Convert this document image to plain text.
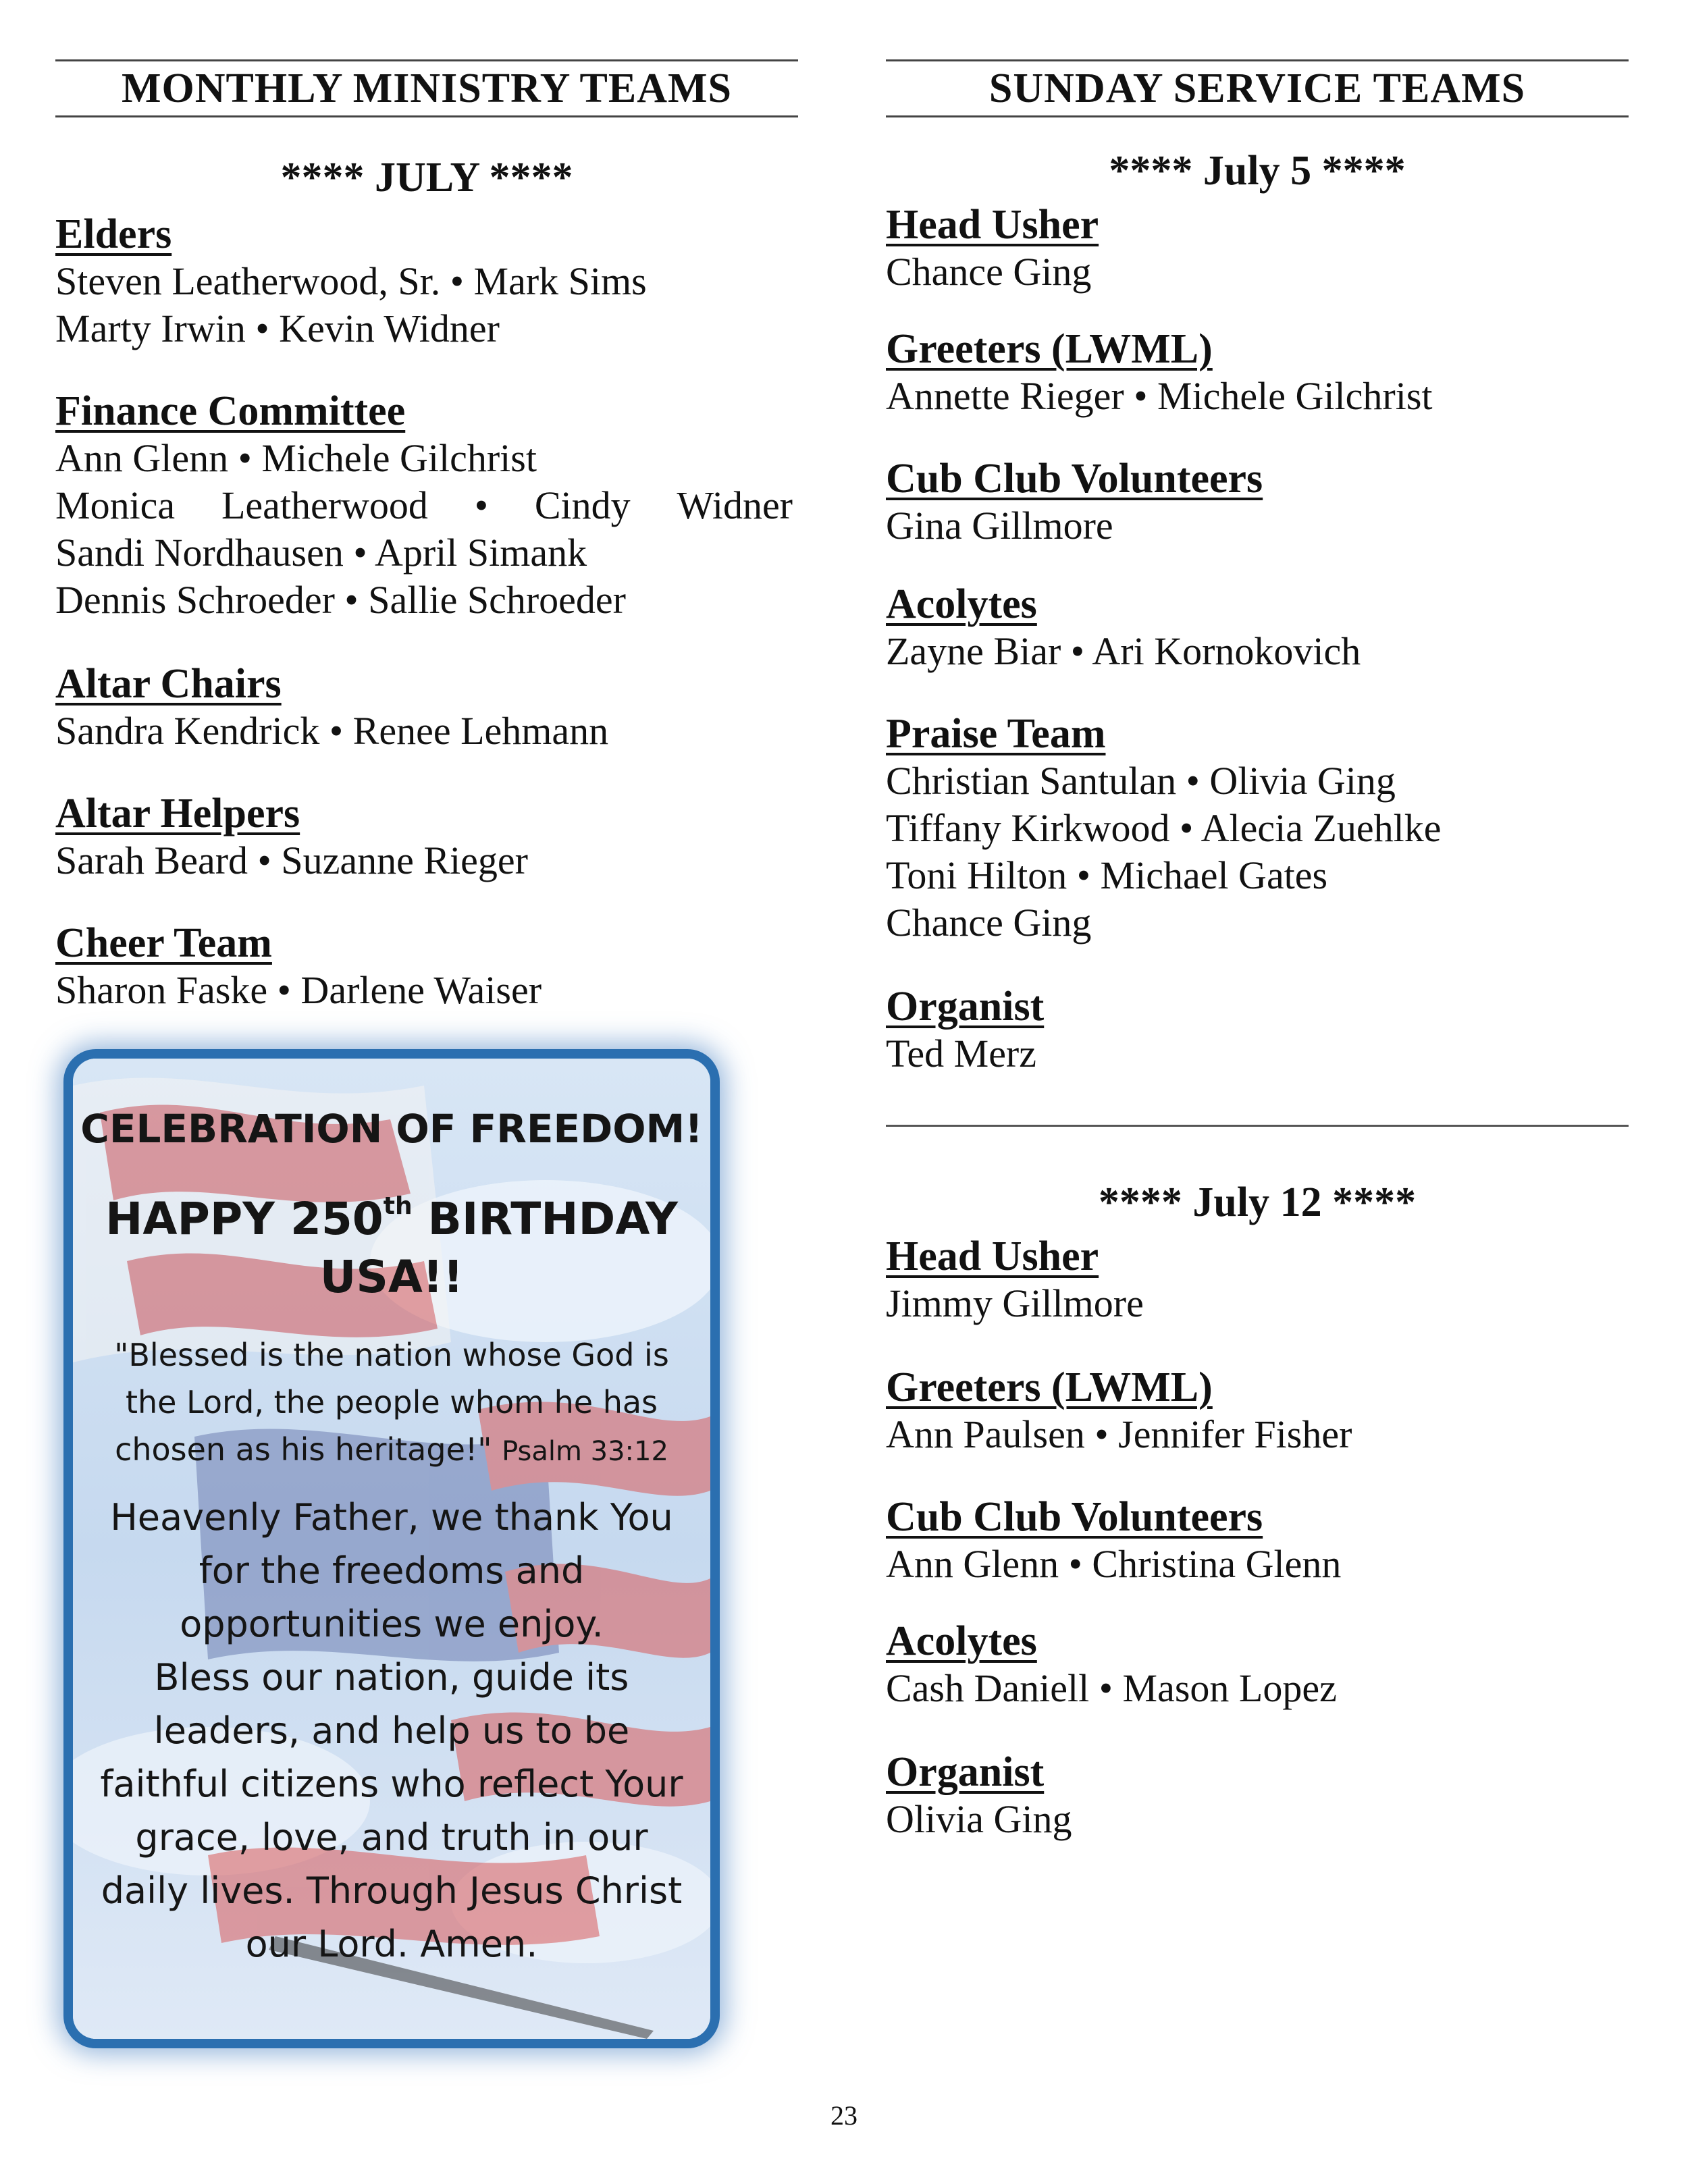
MONTHLY MINISTRY TEAMS
**** JULY ****
Elders
Steven Leatherwood, Sr. • Mark Sims
Marty Irwin • Kevin Widner
Finance Committee
Ann Glenn • Michele Gilchrist
Monica Leatherwood • Cindy Widner
Sandi Nordhausen • April Simank
Dennis Schroeder • Sallie Schroeder
Altar Chairs
Sandra Kendrick • Renee Lehmann
Altar Helpers
Sarah Beard • Suzanne Rieger
Cheer Team
Sharon Faske • Darlene Waiser
CELEBRATION OF FREEDOM!
HAPPY 250th BIRTHDAY
USA!!
"Blessed is the nation whose God is the Lord, the people whom he has chosen as his heritage!" Psalm 33:12
Heavenly Father, we thank You
for the freedoms and
opportunities we enjoy.
Bless our nation, guide its
leaders, and help us to be
faithful citizens who reflect Your
grace, love, and truth in our
daily lives. Through Jesus Christ
our Lord. Amen.
SUNDAY SERVICE TEAMS
**** July 5 ****
Head Usher
Chance Ging
Greeters (LWML)
Annette Rieger • Michele Gilchrist
Cub Club Volunteers
Gina Gillmore
Acolytes
Zayne Biar • Ari Kornokovich
Praise Team
Christian Santulan • Olivia Ging
Tiffany Kirkwood • Alecia Zuehlke
Toni Hilton • Michael Gates
Chance Ging
Organist
Ted Merz
**** July 12 ****
Head Usher
Jimmy Gillmore
Greeters (LWML)
Ann Paulsen • Jennifer Fisher
Cub Club Volunteers
Ann Glenn • Christina Glenn
Acolytes
Cash Daniell • Mason Lopez
Organist
Olivia Ging
23
